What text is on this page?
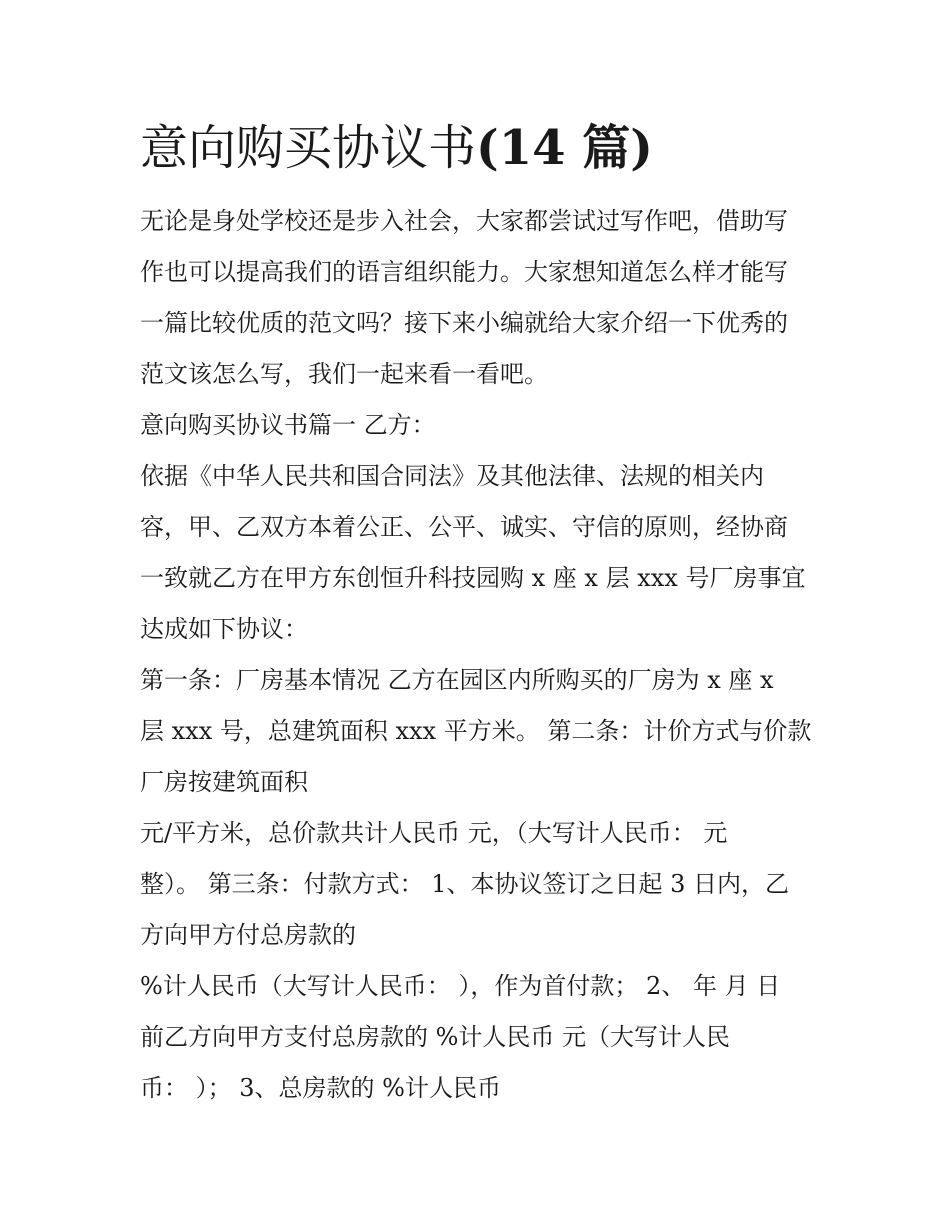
意向购买协议书(14 篇)
无论是身处学校还是步入社会，大家都尝试过写作吧，借助写
作也可以提高我们的语言组织能力。大家想知道怎么样才能写
一篇比较优质的范文吗？接下来小编就给大家介绍一下优秀的
范文该怎么写，我们一起来看一看吧。
意向购买协议书篇一 乙方：
依据《中华人民共和国合同法》及其他法律、法规的相关内
容，甲、乙双方本着公正、公平、诚实、守信的原则，经协商
一致就乙方在甲方东创恒升科技园购 x 座 x 层 xxx 号厂房事宜
达成如下协议：
第一条：厂房基本情况 乙方在园区内所购买的厂房为 x 座 x
层 xxx 号，总建筑面积 xxx 平方米。 第二条：计价方式与价款
厂房按建筑面积
元/平方米，总价款共计人民币 元，（大写计人民币： 元
整）。 第三条：付款方式： 1、本协议签订之日起 3 日内，乙
方向甲方付总房款的
%计人民币（大写计人民币： ），作为首付款； 2、 年 月 日
前乙方向甲方支付总房款的 %计人民币 元（大写计人民
币： ）； 3、总房款的 %计人民币
